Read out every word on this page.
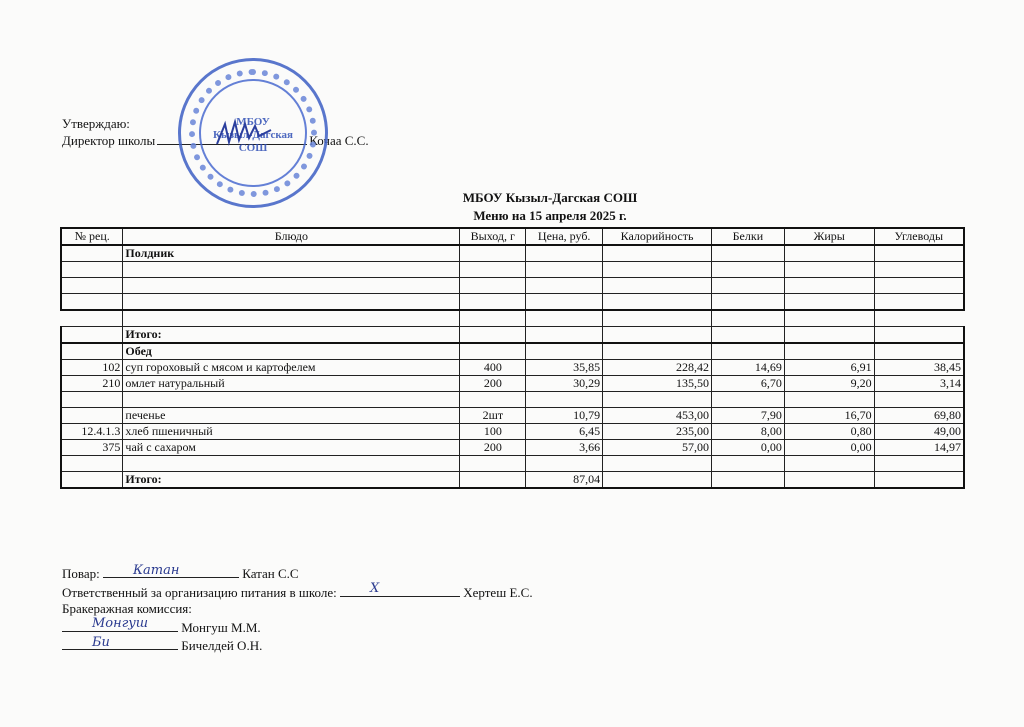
Утверждаю:
Директор школы	Кочаа С.С.
МБОУ
Кызыл-Дагская
СОШ
МБОУ Кызыл-Дагская СОШ
Меню на 15 апреля 2025 г.
№ рец.	Блюдо	Выход, г	Цена, руб.	Калорийность	Белки	Жиры	Углеводы
	Полдник						

	Итого:						
	Обед						
102	суп гороховый с мясом и картофелем	400	35,85	228,42	14,69	6,91	38,45
210	омлет натуральный	200	30,29	135,50	6,70	9,20	3,14

	печенье	2шт	10,79	453,00	7,90	16,70	69,80
12.4.1.3	хлеб пшеничный	100	6,45	235,00	8,00	0,80	49,00
375	чай с сахаром	200	3,66	57,00	0,00	0,00	14,97

	Итого:		87,04				
Повар:	Катан	Катан С.С
Ответственный за организацию питания в школе:	Х	Хертеш Е.С.
Бракеражная комиссия:
Монгуш	Монгуш М.М.
Би	Бичелдей О.Н.
